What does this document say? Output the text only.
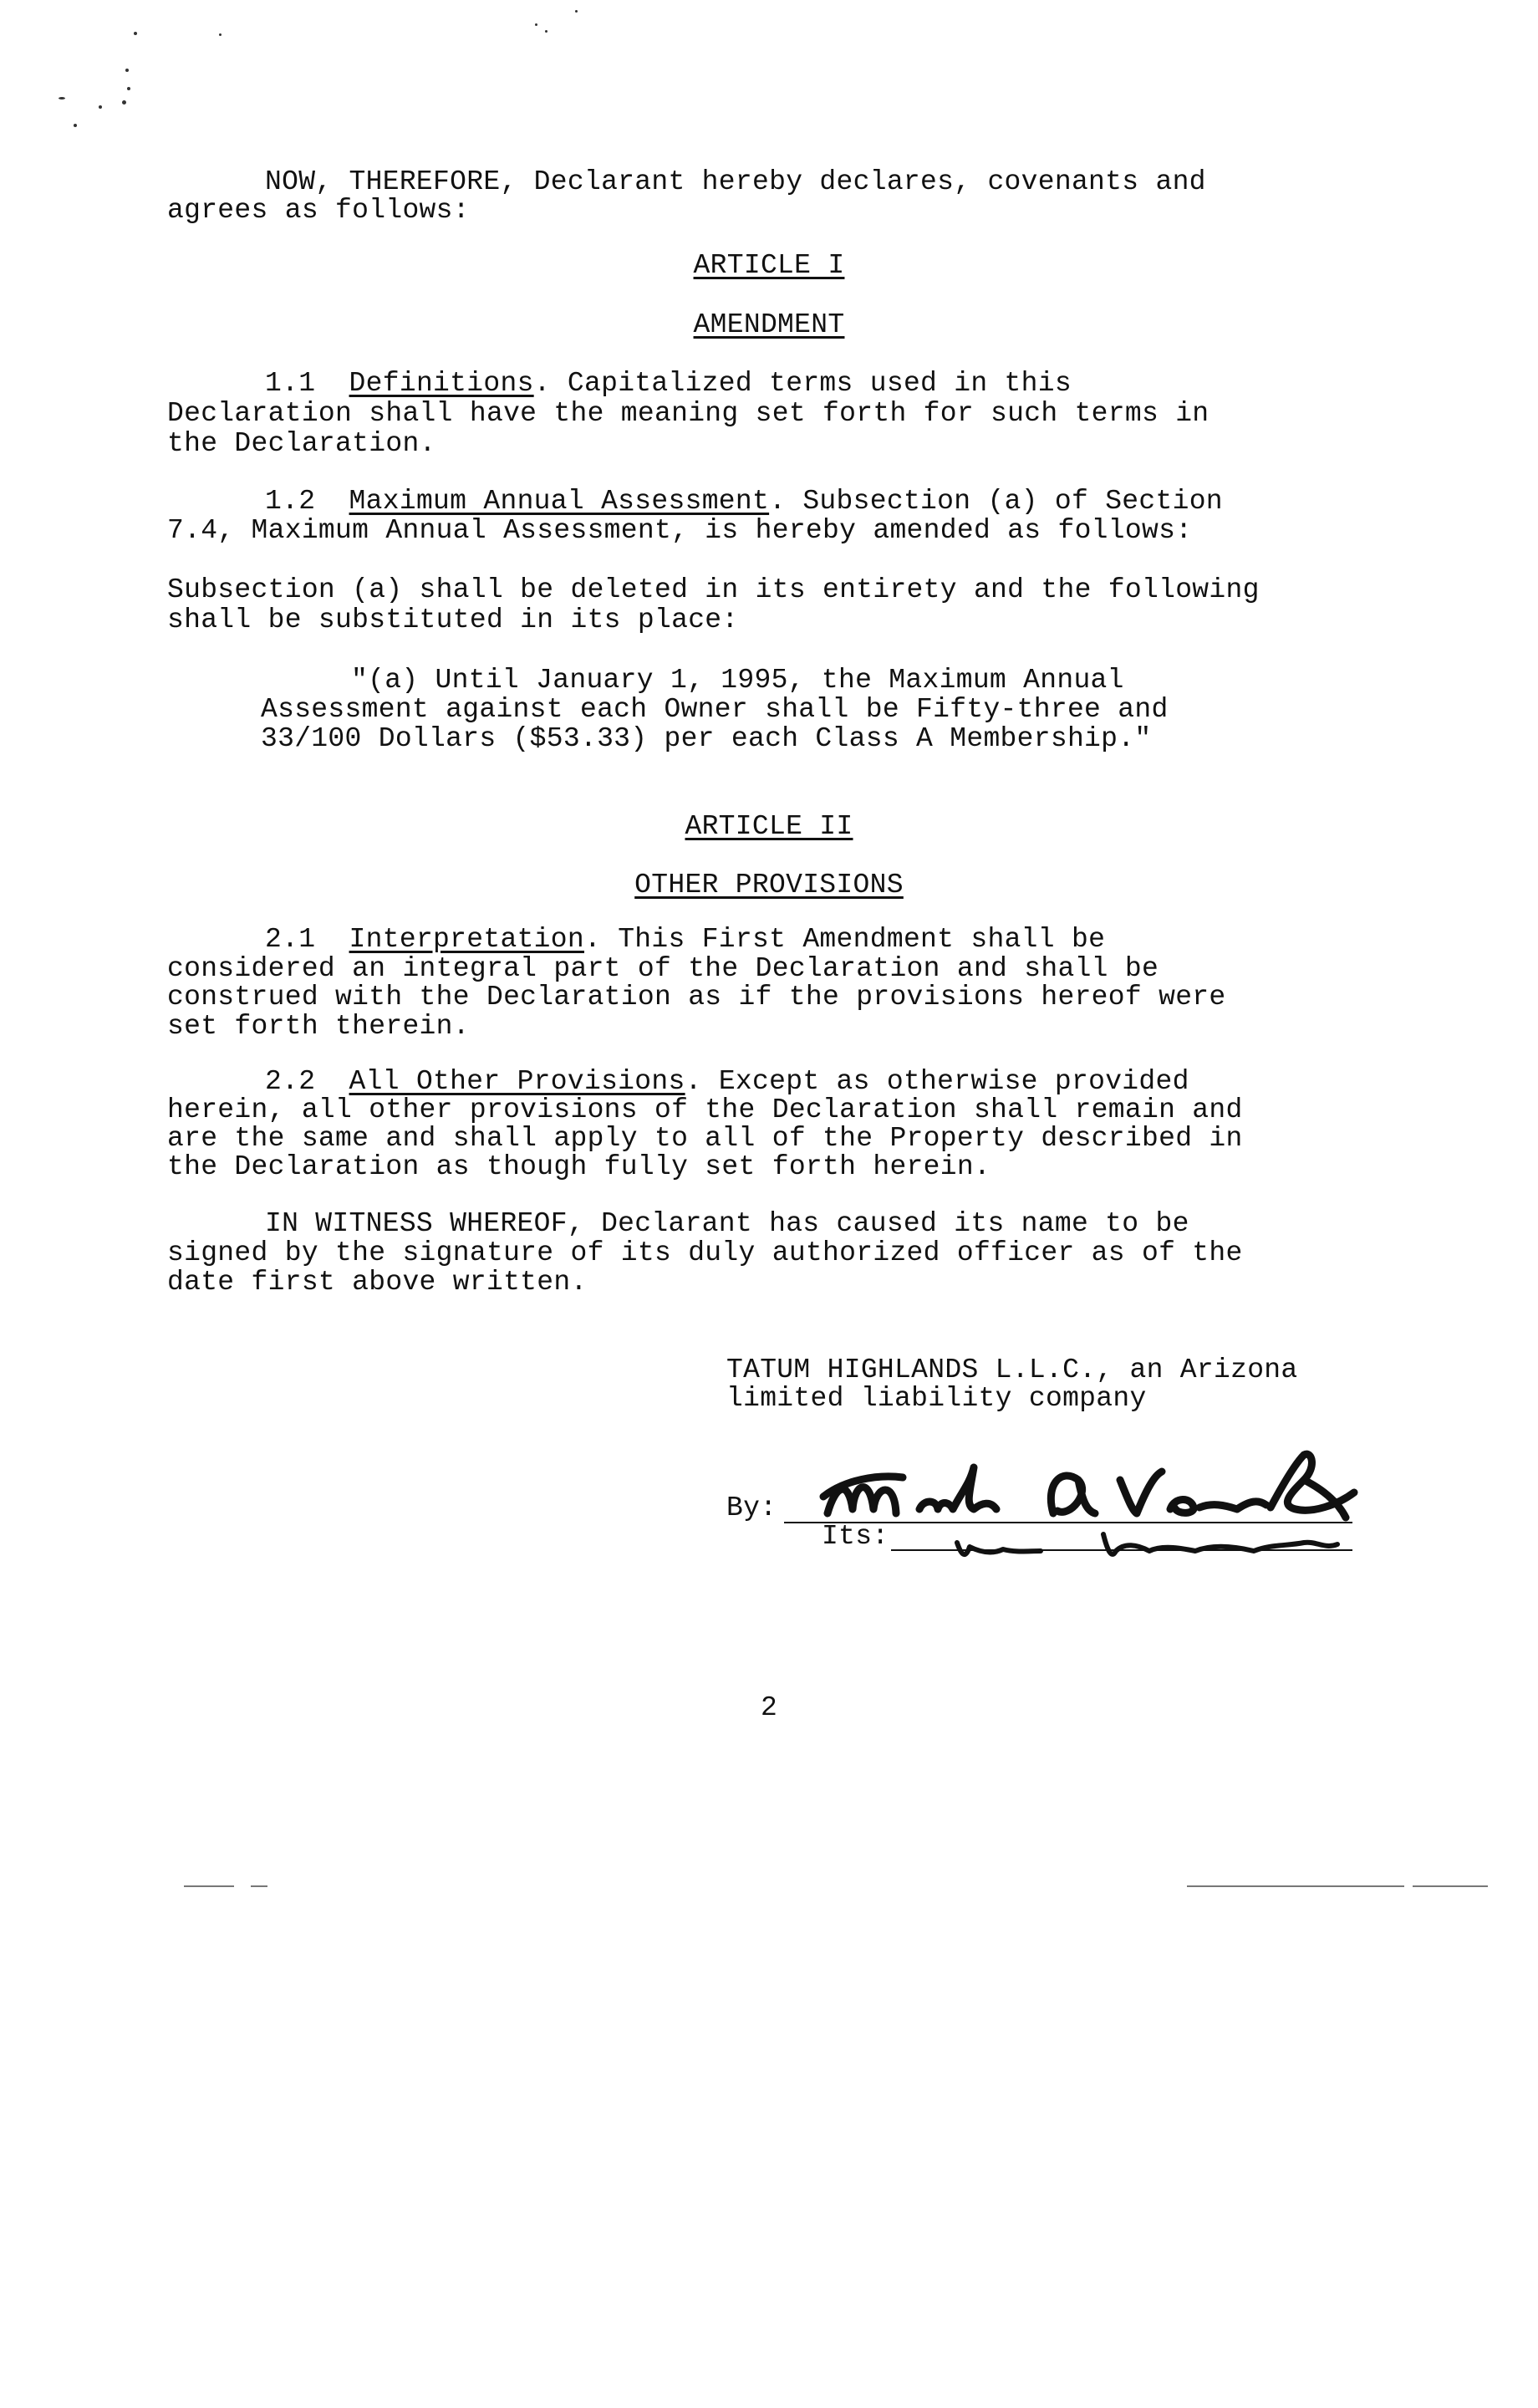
NOW, THEREFORE, Declarant hereby declares, covenants and
agrees as follows:
ARTICLE I
AMENDMENT
1.1 Definitions. Capitalized terms used in this
Declaration shall have the meaning set forth for such terms in
the Declaration.
1.2 Maximum Annual Assessment. Subsection (a) of Section
7.4, Maximum Annual Assessment, is hereby amended as follows:
Subsection (a) shall be deleted in its entirety and the following
shall be substituted in its place:
"(a) Until January 1, 1995, the Maximum Annual
Assessment against each Owner shall be Fifty-three and
33/100 Dollars ($53.33) per each Class A Membership."
ARTICLE II
OTHER PROVISIONS
2.1 Interpretation. This First Amendment shall be
considered an integral part of the Declaration and shall be
construed with the Declaration as if the provisions hereof were
set forth therein.
2.2 All Other Provisions. Except as otherwise provided
herein, all other provisions of the Declaration shall remain and
are the same and shall apply to all of the Property described in
the Declaration as though fully set forth herein.
IN WITNESS WHEREOF, Declarant has caused its name to be
signed by the signature of its duly authorized officer as of the
date first above written.
TATUM HIGHLANDS L.L.C., an Arizona
limited liability company
By:
Its:
2
